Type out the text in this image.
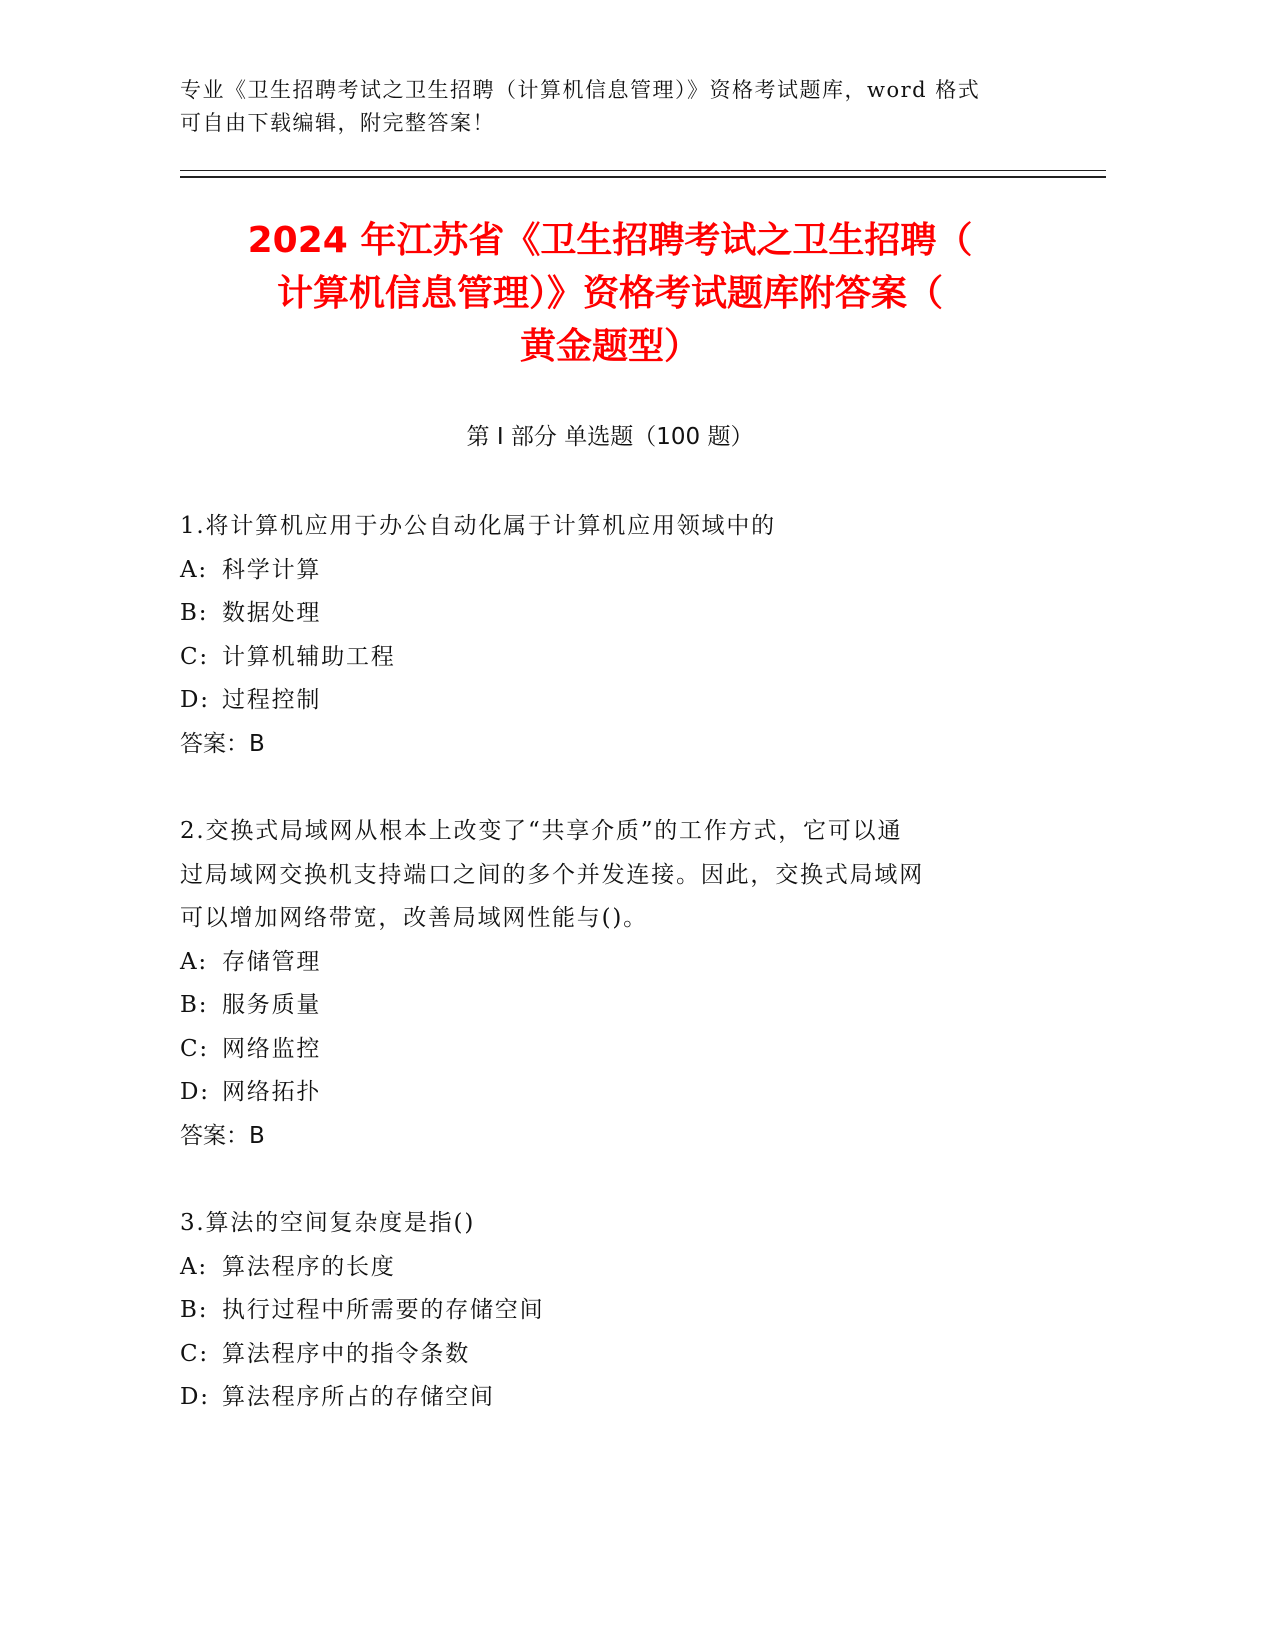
专业《卫生招聘考试之卫生招聘（计算机信息管理）》资格考试题库，word 格式
可自由下载编辑，附完整答案！
2024 年江苏省《卫生招聘考试之卫生招聘（
计算机信息管理）》资格考试题库附答案（
黄金题型）
第 I 部分 单选题（100 题）
1.将计算机应用于办公自动化属于计算机应用领域中的
A: 科学计算
B: 数据处理
C: 计算机辅助工程
D: 过程控制
答案：B
2.交换式局域网从根本上改变了“共享介质”的工作方式，它可以通
过局域网交换机支持端口之间的多个并发连接。因此，交换式局域网
可以增加网络带宽，改善局域网性能与()。
A: 存储管理
B: 服务质量
C: 网络监控
D: 网络拓扑
答案：B
3.算法的空间复杂度是指()
A: 算法程序的长度
B: 执行过程中所需要的存储空间
C: 算法程序中的指令条数
D: 算法程序所占的存储空间
